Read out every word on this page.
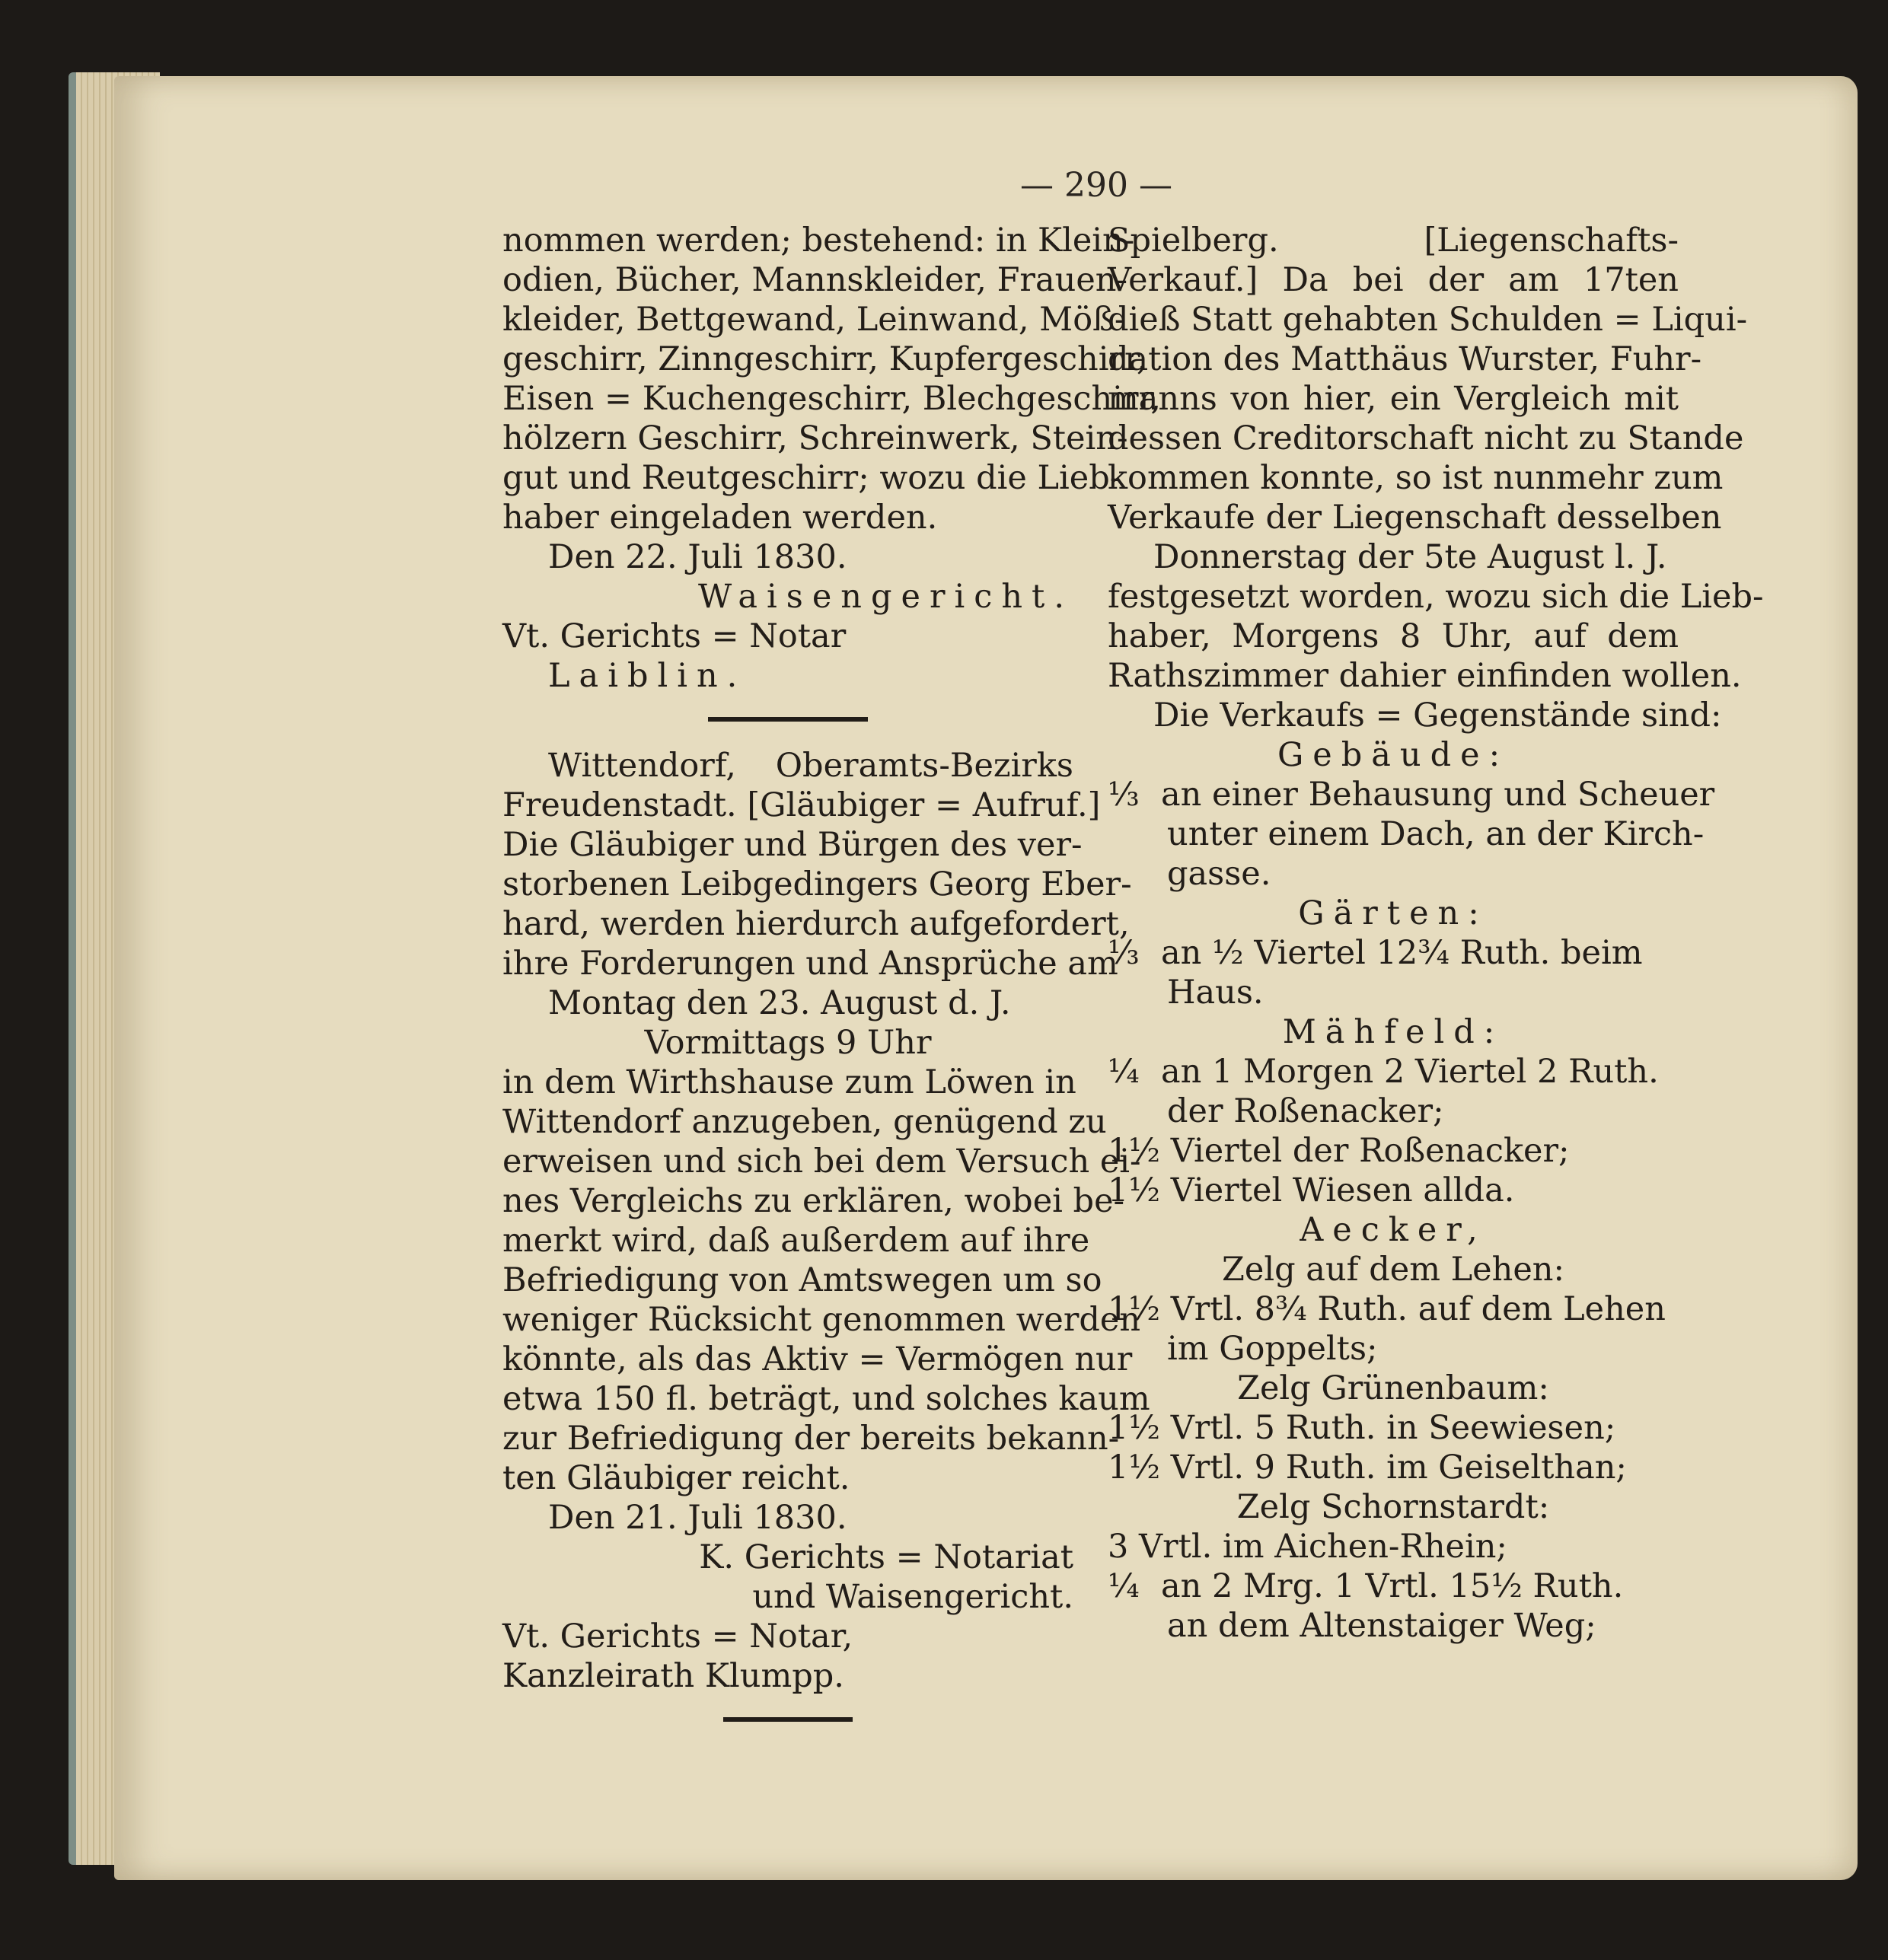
— 290 —
nommen werden; bestehend: in Klein-
odien, Bücher, Mannskleider, Frauen-
kleider, Bettgewand, Leinwand, Möß-
geschirr, Zinngeschirr, Kupfergeschirr,
Eisen = Kuchengeschirr, Blechgeschirr,
hölzern Geschirr, Schreinwerk, Stein-
gut und Reutgeschirr; wozu die Lieb-
haber eingeladen werden.
Den 22. Juli 1830.
Waisengericht.
Vt. Gerichts = Notar
Laiblin.
Wittendorf, Oberamts-Bezirks
Freudenstadt. [Gläubiger = Aufruf.]
Die Gläubiger und Bürgen des ver-
storbenen Leibgedingers Georg Eber-
hard, werden hierdurch aufgefordert,
ihre Forderungen und Ansprüche am
Montag den 23. August d. J.
Vormittags 9 Uhr
in dem Wirthshause zum Löwen in
Wittendorf anzugeben, genügend zu
erweisen und sich bei dem Versuch ei-
nes Vergleichs zu erklären, wobei be-
merkt wird, daß außerdem auf ihre
Befriedigung von Amtswegen um so
weniger Rücksicht genommen werden
könnte, als das Aktiv = Vermögen nur
etwa 150 fl. beträgt, und solches kaum
zur Befriedigung der bereits bekann-
ten Gläubiger reicht.
Den 21. Juli 1830.
K. Gerichts = Notariat
und Waisengericht.
Vt. Gerichts = Notar,
Kanzleirath Klumpp.
Spielberg. [Liegenschafts-
Verkauf.] Da bei der am 17ten
dieß Statt gehabten Schulden = Liqui-
dation des Matthäus Wurster, Fuhr-
manns von hier, ein Vergleich mit
dessen Creditorschaft nicht zu Stande
kommen konnte, so ist nunmehr zum
Verkaufe der Liegenschaft desselben
Donnerstag der 5te August l. J.
festgesetzt worden, wozu sich die Lieb-
haber, Morgens 8 Uhr, auf dem
Rathszimmer dahier einfinden wollen.
Die Verkaufs = Gegenstände sind:
Gebäude:
⅓ an einer Behausung und Scheuer
unter einem Dach, an der Kirch-
gasse.
Gärten:
⅓ an ½ Viertel 12¾ Ruth. beim
Haus.
Mähfeld:
¼ an 1 Morgen 2 Viertel 2 Ruth.
der Roßenacker;
1½ Viertel der Roßenacker;
1½ Viertel Wiesen allda.
Aecker,
Zelg auf dem Lehen:
1½ Vrtl. 8¾ Ruth. auf dem Lehen
im Goppelts;
Zelg Grünenbaum:
1½ Vrtl. 5 Ruth. in Seewiesen;
1½ Vrtl. 9 Ruth. im Geiselthan;
Zelg Schornstardt:
3 Vrtl. im Aichen-Rhein;
¼ an 2 Mrg. 1 Vrtl. 15½ Ruth.
an dem Altenstaiger Weg;
